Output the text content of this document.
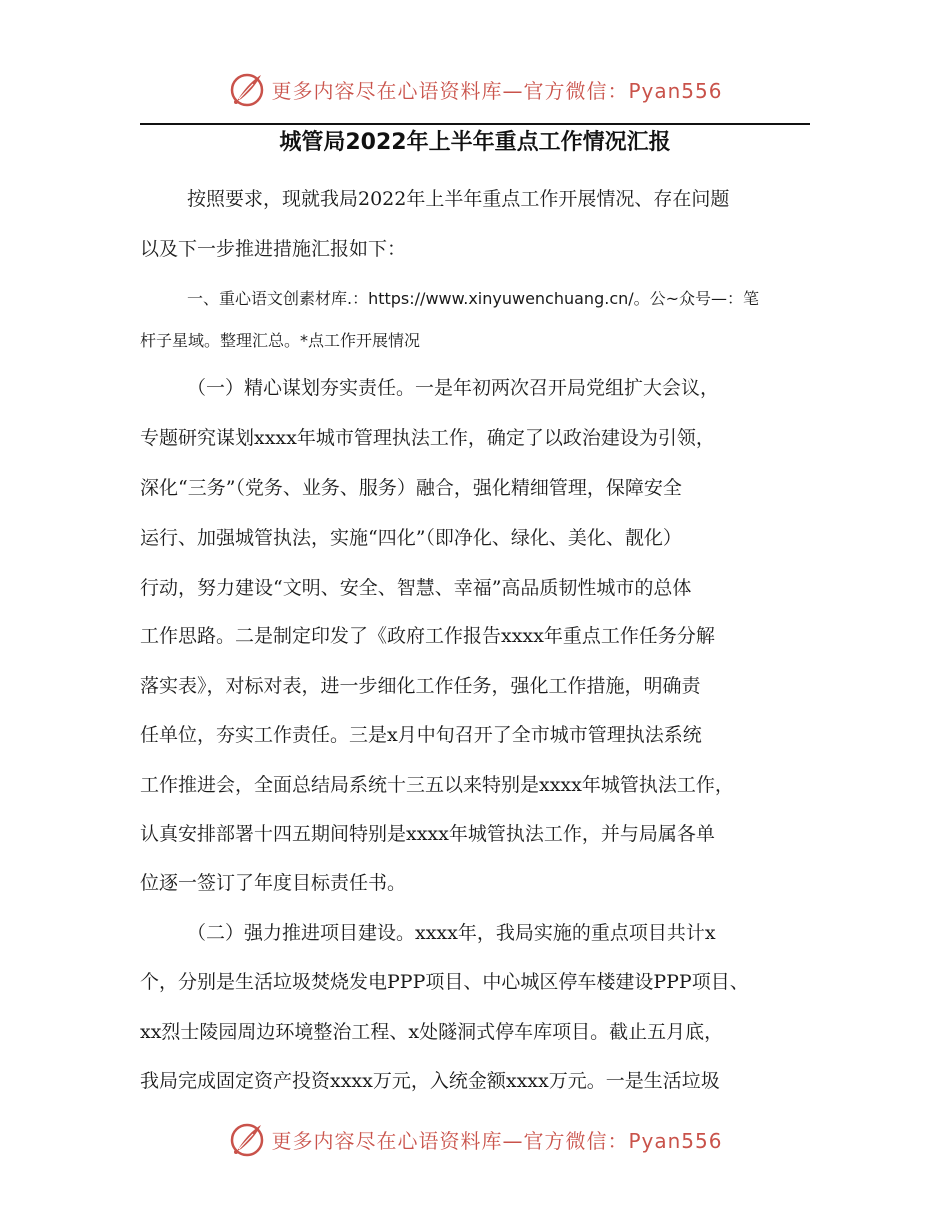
更多内容尽在心语资料库—官方微信：Pyan556
城管局2022年上半年重点工作情况汇报
按照要求，现就我局2022年上半年重点工作开展情况、存在问题
以及下一步推进措施汇报如下：
一、重心语文创素材库.：https://www.xinyuwenchuang.cn/。公~众号—：笔
杆子星域。整理汇总。*点工作开展情况
（一）精心谋划夯实责任。一是年初两次召开局党组扩大会议，
专题研究谋划xxxx年城市管理执法工作，确定了以政治建设为引领，
深化“三务”（党务、业务、服务）融合，强化精细管理，保障安全
运行、加强城管执法，实施“四化”（即净化、绿化、美化、靓化）
行动，努力建设“文明、安全、智慧、幸福”高品质韧性城市的总体
工作思路。二是制定印发了《政府工作报告xxxx年重点工作任务分解
落实表》，对标对表，进一步细化工作任务，强化工作措施，明确责
任单位，夯实工作责任。三是x月中旬召开了全市城市管理执法系统
工作推进会，全面总结局系统十三五以来特别是xxxx年城管执法工作，
认真安排部署十四五期间特别是xxxx年城管执法工作，并与局属各单
位逐一签订了年度目标责任书。
（二）强力推进项目建设。xxxx年，我局实施的重点项目共计x
个，分别是生活垃圾焚烧发电PPP项目、中心城区停车楼建设PPP项目、
xx烈士陵园周边环境整治工程、x处隧洞式停车库项目。截止五月底，
我局完成固定资产投资xxxx万元，入统金额xxxx万元。一是生活垃圾
更多内容尽在心语资料库—官方微信：Pyan556
